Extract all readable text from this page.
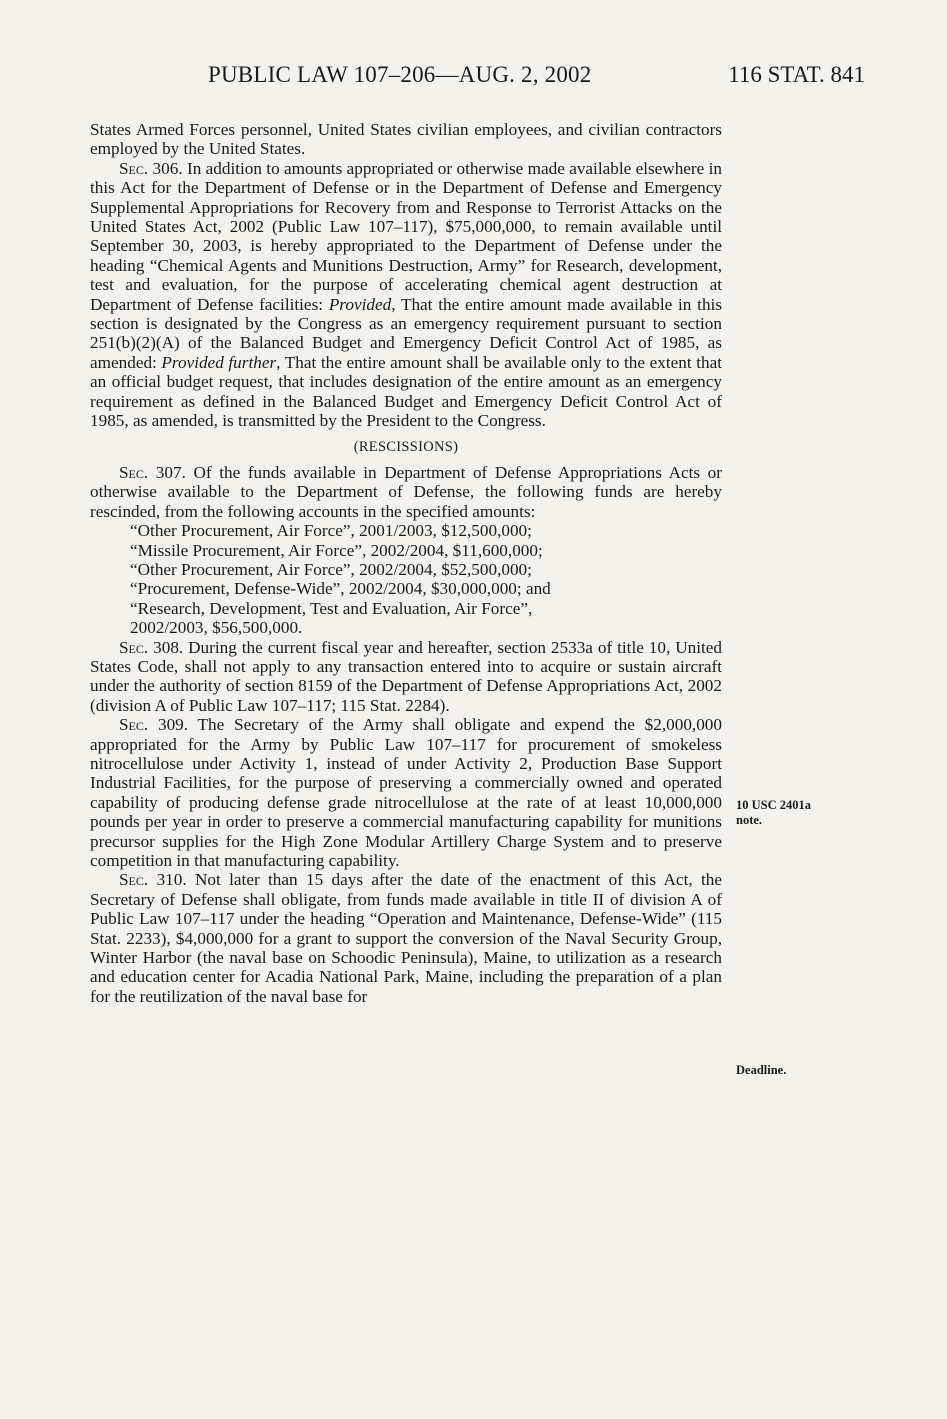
PUBLIC LAW 107–206—AUG. 2, 2002	116 STAT. 841

States Armed Forces personnel, United States civilian employees, and civilian contractors employed by the United States.

Sec. 306. In addition to amounts appropriated or otherwise made available elsewhere in this Act for the Department of Defense or in the Department of Defense and Emergency Supplemental Appropriations for Recovery from and Response to Terrorist Attacks on the United States Act, 2002 (Public Law 107–117), $75,000,000, to remain available until September 30, 2003, is hereby appropriated to the Department of Defense under the heading “Chemical Agents and Munitions Destruction, Army” for Research, development, test and evaluation, for the purpose of accelerating chemical agent destruction at Department of Defense facilities: Provided, That the entire amount made available in this section is designated by the Congress as an emergency requirement pursuant to section 251(b)(2)(A) of the Balanced Budget and Emergency Deficit Control Act of 1985, as amended: Provided further, That the entire amount shall be available only to the extent that an official budget request, that includes designation of the entire amount as an emergency requirement as defined in the Balanced Budget and Emergency Deficit Control Act of 1985, as amended, is transmitted by the President to the Congress.

(RESCISSIONS)

Sec. 307. Of the funds available in Department of Defense Appropriations Acts or otherwise available to the Department of Defense, the following funds are hereby rescinded, from the following accounts in the specified amounts:

“Other Procurement, Air Force”, 2001/2003, $12,500,000;

“Missile Procurement, Air Force”, 2002/2004, $11,600,000;

“Other Procurement, Air Force”, 2002/2004, $52,500,000;

“Procurement, Defense-Wide”, 2002/2004, $30,000,000; and

“Research, Development, Test and Evaluation, Air Force”,

2002/2003, $56,500,000.

Sec. 308. During the current fiscal year and hereafter, section 2533a of title 10, United States Code, shall not apply to any transaction entered into to acquire or sustain aircraft under the authority of section 8159 of the Department of Defense Appropriations Act, 2002 (division A of Public Law 107–117; 115 Stat. 2284).

Sec. 309. The Secretary of the Army shall obligate and expend the $2,000,000 appropriated for the Army by Public Law 107–117 for procurement of smokeless nitrocellulose under Activity 1, instead of under Activity 2, Production Base Support Industrial Facilities, for the purpose of preserving a commercially owned and operated capability of producing defense grade nitrocellulose at the rate of at least 10,000,000 pounds per year in order to preserve a commercial manufacturing capability for munitions precursor supplies for the High Zone Modular Artillery Charge System and to preserve competition in that manufacturing capability.

Sec. 310. Not later than 15 days after the date of the enactment of this Act, the Secretary of Defense shall obligate, from funds made available in title II of division A of Public Law 107–117 under the heading “Operation and Maintenance, Defense-Wide” (115 Stat. 2233), $4,000,000 for a grant to support the conversion of the Naval Security Group, Winter Harbor (the naval base on Schoodic Peninsula), Maine, to utilization as a research and education center for Acadia National Park, Maine, including the preparation of a plan for the reutilization of the naval base for

10 USC 2401a
note.
Deadline.
